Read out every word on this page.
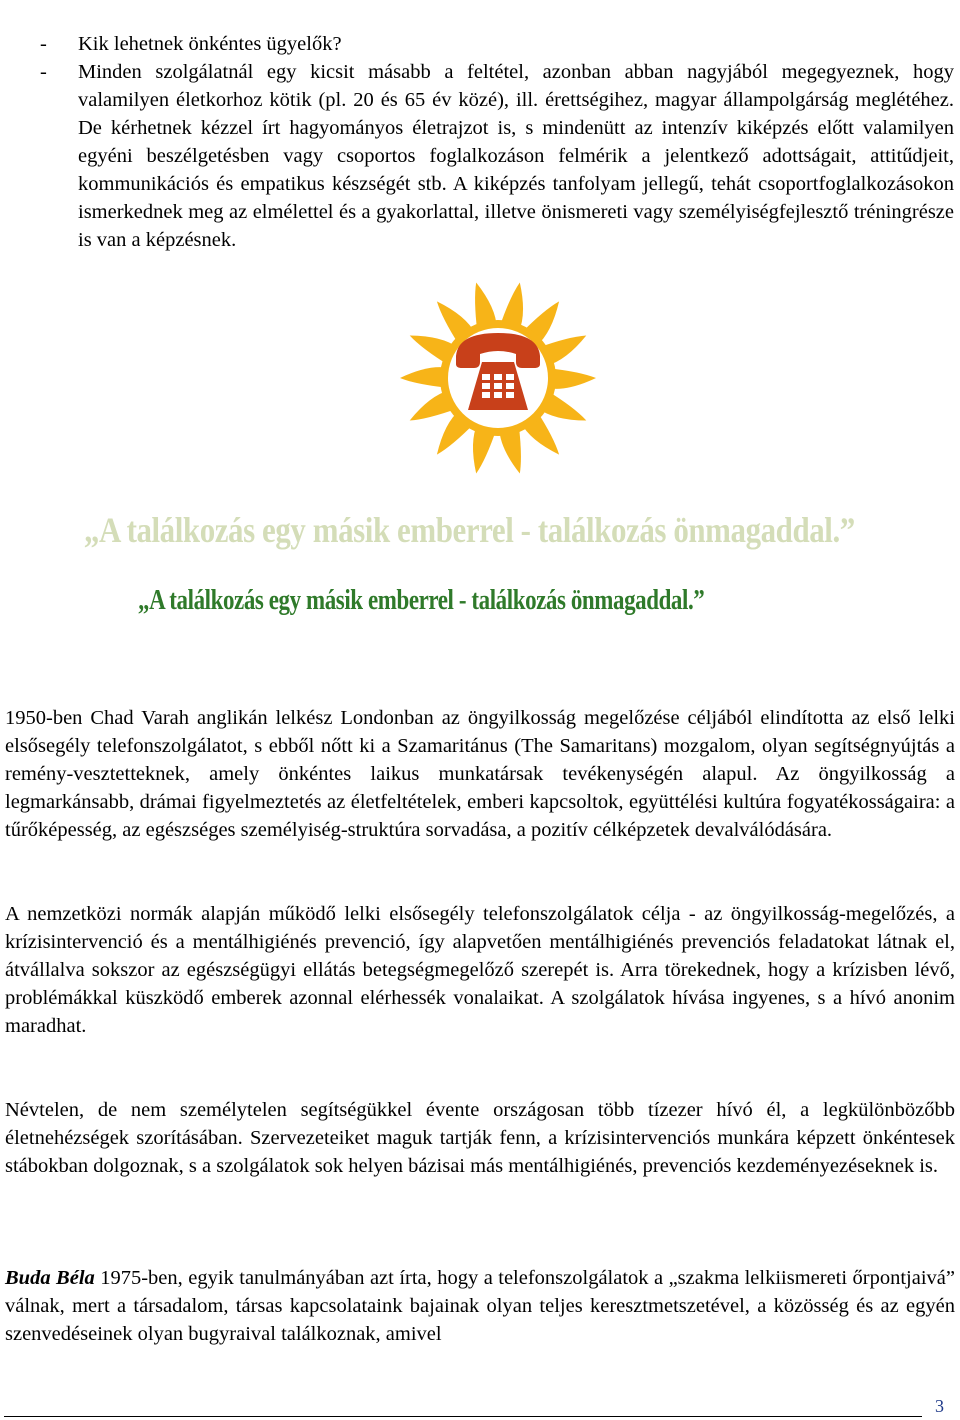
- Kik lehetnek önkéntes ügyelők?
- Minden szolgálatnál egy kicsit másabb a feltétel, azonban abban nagyjából megegyeznek, hogy valamilyen életkorhoz kötik (pl. 20 és 65 év közé), ill. érettségihez, magyar állampolgárság meglétéhez. De kérhetnek kézzel írt hagyományos életrajzot is, s mindenütt az intenzív kiképzés előtt valamilyen egyéni beszélgetésben vagy csoportos foglalkozáson felmérik a jelentkező adottságait, attitűdjeit, kommunikációs és empatikus készségét stb. A kiképzés tanfolyam jellegű, tehát csoportfoglalkozásokon ismerkednek meg az elmélettel és a gyakorlattal, illetve önismereti vagy személyiségfejlesztő tréningrésze is van a képzésnek.
„A találkozás egy másik emberrel - találkozás önmagaddal.”
„A találkozás egy másik emberrel - találkozás önmagaddal.”

1950-ben Chad Varah anglikán lelkész Londonban az öngyilkosság megelőzése céljából elindította az első lelki elsősegély telefonszolgálatot, s ebből nőtt ki a Szamaritánus (The Samaritans) mozgalom, olyan segítségnyújtás a remény-vesztetteknek, amely önkéntes laikus munkatársak tevékenységén alapul. Az öngyilkosság a legmarkánsabb, drámai figyelmeztetés az életfeltételek, emberi kapcsoltok, együttélési kultúra fogyatékosságaira: a tűrőképesség, az egészséges személyiség-struktúra sorvadása, a pozitív célképzetek devalválódására.

A nemzetközi normák alapján működő lelki elsősegély telefonszolgálatok célja - az öngyilkosság-megelőzés, a krízisintervenció és a mentálhigiénés prevenció, így alapvetően mentálhigiénés prevenciós feladatokat látnak el, átvállalva sokszor az egészségügyi ellátás betegségmegelőző szerepét is. Arra törekednek, hogy a krízisben lévő, problémákkal küszködő emberek azonnal elérhessék vonalaikat. A szolgálatok hívása ingyenes, s a hívó anonim maradhat.

Névtelen, de nem személytelen segítségükkel évente országosan több tízezer hívó él, a legkülönbözőbb életnehézségek szorításában. Szervezeteiket maguk tartják fenn, a krízisintervenciós munkára képzett önkéntesek stábokban dolgoznak, s a szolgálatok sok helyen bázisai más mentálhigiénés, prevenciós kezdeményezéseknek is.

Buda Béla 1975-ben, egyik tanulmányában azt írta, hogy a telefonszolgálatok a „szakma lelkiismereti őrpontjaivá” válnak, mert a társadalom, társas kapcsolataink bajainak olyan teljes keresztmetszetével, a közösség és az egyén szenvedéseinek olyan bugyraival találkoznak, amivel

3
